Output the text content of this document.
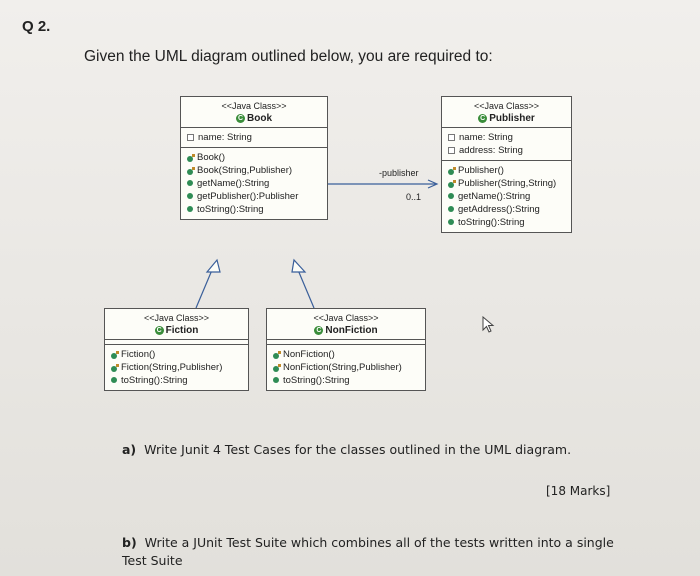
Q 2.
Given the UML diagram outlined below, you are required to:
<<Java Class>>
C Book
name: String
Book()
Book(String,Publisher)
getName():String
getPublisher():Publisher
toString():String
<<Java Class>>
C Publisher
name: String
address: String
Publisher()
Publisher(String,String)
getName():String
getAddress():String
toString():String
-publisher
0..1
<<Java Class>>
C Fiction
Fiction()
Fiction(String,Publisher)
toString():String
<<Java Class>>
C NonFiction
NonFiction()
NonFiction(String,Publisher)
toString():String
a) Write Junit 4 Test Cases for the classes outlined in the UML diagram.
[18 Marks]
b) Write a JUnit Test Suite which combines all of the tests written into a single Test Suite
